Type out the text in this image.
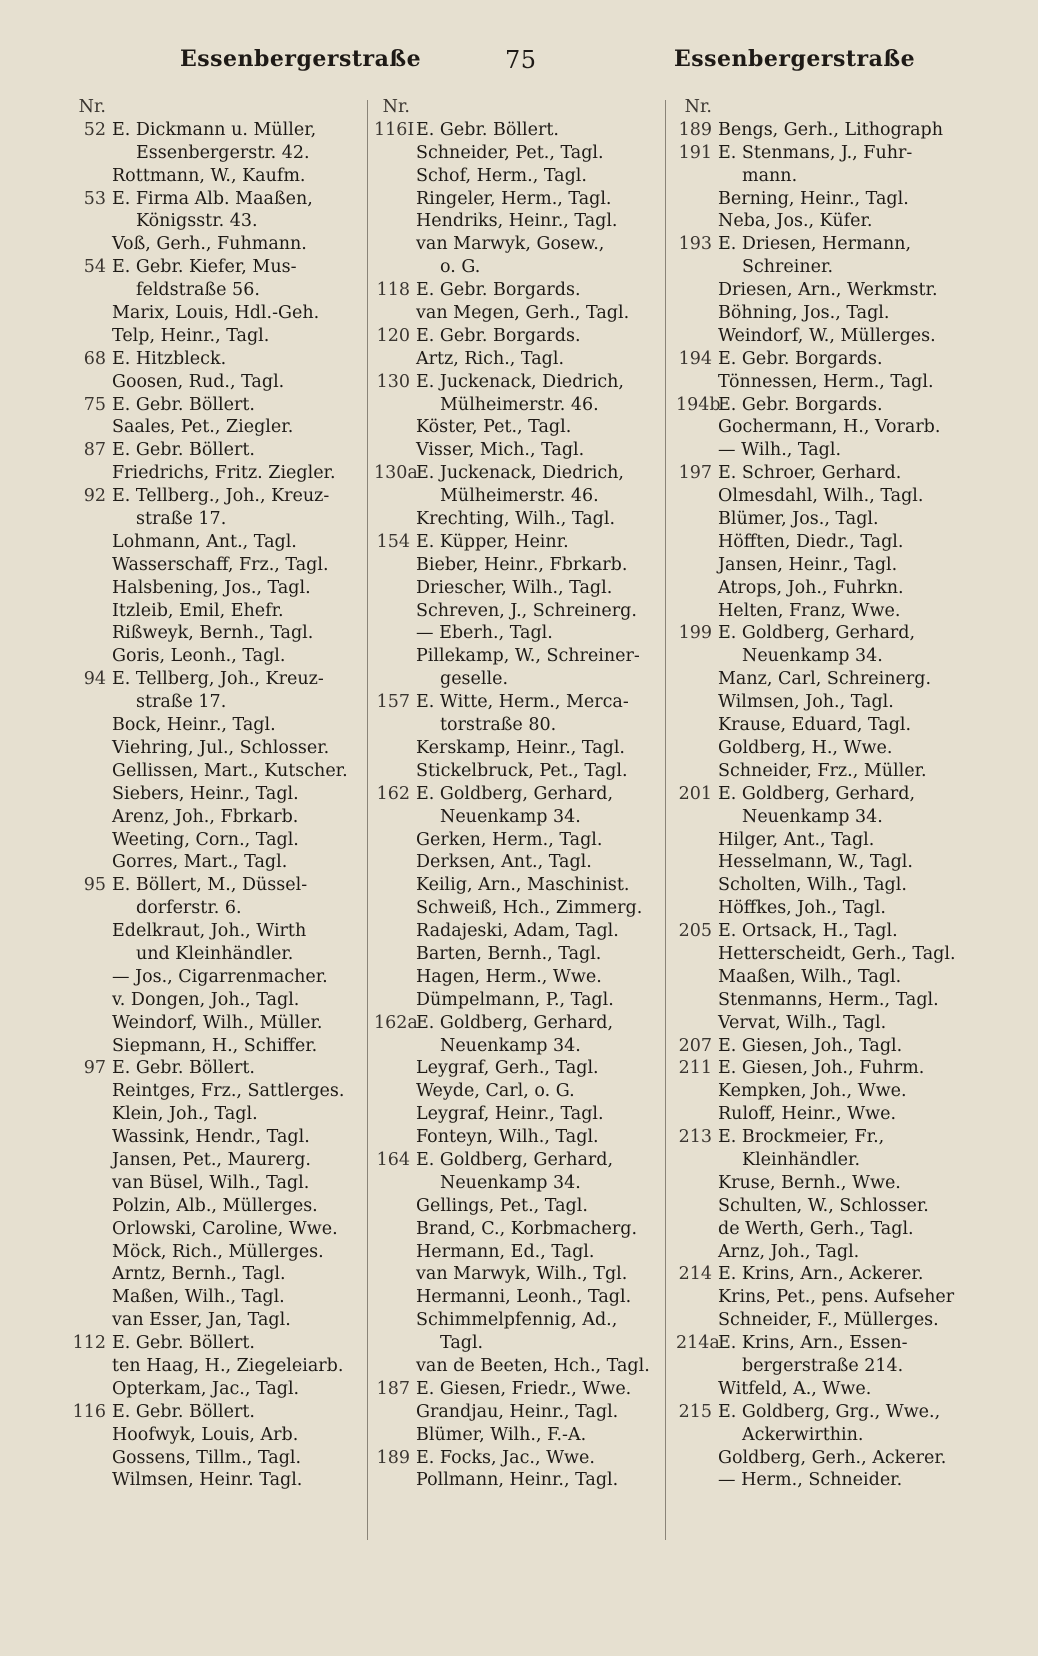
Essenbergerstraße	75	Essenbergerstraße
Nr.
52 E. Dickmann u. Müller,
Essenbergerstr. 42.
Rottmann, W., Kaufm.
53 E. Firma Alb. Maaßen,
Königsstr. 43.
Voß, Gerh., Fuhmann.
54 E. Gebr. Kiefer, Mus-
feldstraße 56.
Marix, Louis, Hdl.-Geh.
Telp, Heinr., Tagl.
68 E. Hitzbleck.
Goosen, Rud., Tagl.
75 E. Gebr. Böllert.
Saales, Pet., Ziegler.
87 E. Gebr. Böllert.
Friedrichs, Fritz. Ziegler.
92 E. Tellberg., Joh., Kreuz-
straße 17.
Lohmann, Ant., Tagl.
Wasserschaff, Frz., Tagl.
Halsbening, Jos., Tagl.
Itzleib, Emil, Ehefr.
Rißweyk, Bernh., Tagl.
Goris, Leonh., Tagl.
94 E. Tellberg, Joh., Kreuz-
straße 17.
Bock, Heinr., Tagl.
Viehring, Jul., Schlosser.
Gellissen, Mart., Kutscher.
Siebers, Heinr., Tagl.
Arenz, Joh., Fbrkarb.
Weeting, Corn., Tagl.
Gorres, Mart., Tagl.
95 E. Böllert, M., Düssel-
dorferstr. 6.
Edelkraut, Joh., Wirth
und Kleinhändler.
— Jos., Cigarrenmacher.
v. Dongen, Joh., Tagl.
Weindorf, Wilh., Müller.
Siepmann, H., Schiffer.
97 E. Gebr. Böllert.
Reintges, Frz., Sattlerges.
Klein, Joh., Tagl.
Wassink, Hendr., Tagl.
Jansen, Pet., Maurerg.
van Büsel, Wilh., Tagl.
Polzin, Alb., Müllerges.
Orlowski, Caroline, Wwe.
Möck, Rich., Müllerges.
Arntz, Bernh., Tagl.
Maßen, Wilh., Tagl.
van Esser, Jan, Tagl.
112 E. Gebr. Böllert.
ten Haag, H., Ziegeleiarb.
Opterkam, Jac., Tagl.
116 E. Gebr. Böllert.
Hoofwyk, Louis, Arb.
Gossens, Tillm., Tagl.
Wilmsen, Heinr. Tagl.
Nr.
116IE. Gebr. Böllert.
Schneider, Pet., Tagl.
Schof, Herm., Tagl.
Ringeler, Herm., Tagl.
Hendriks, Heinr., Tagl.
van Marwyk, Gosew.,
o. G.
118 E. Gebr. Borgards.
van Megen, Gerh., Tagl.
120 E. Gebr. Borgards.
Artz, Rich., Tagl.
130 E. Juckenack, Diedrich,
Mülheimerstr. 46.
Köster, Pet., Tagl.
Visser, Mich., Tagl.
130aE. Juckenack, Diedrich,
Mülheimerstr. 46.
Krechting, Wilh., Tagl.
154 E. Küpper, Heinr.
Bieber, Heinr., Fbrkarb.
Driescher, Wilh., Tagl.
Schreven, J., Schreinerg.
— Eberh., Tagl.
Pillekamp, W., Schreiner-
geselle.
157 E. Witte, Herm., Merca-
torstraße 80.
Kerskamp, Heinr., Tagl.
Stickelbruck, Pet., Tagl.
162 E. Goldberg, Gerhard,
Neuenkamp 34.
Gerken, Herm., Tagl.
Derksen, Ant., Tagl.
Keilig, Arn., Maschinist.
Schweiß, Hch., Zimmerg.
Radajeski, Adam, Tagl.
Barten, Bernh., Tagl.
Hagen, Herm., Wwe.
Dümpelmann, P., Tagl.
162aE. Goldberg, Gerhard,
Neuenkamp 34.
Leygraf, Gerh., Tagl.
Weyde, Carl, o. G.
Leygraf, Heinr., Tagl.
Fonteyn, Wilh., Tagl.
164 E. Goldberg, Gerhard,
Neuenkamp 34.
Gellings, Pet., Tagl.
Brand, C., Korbmacherg.
Hermann, Ed., Tagl.
van Marwyk, Wilh., Tgl.
Hermanni, Leonh., Tagl.
Schimmelpfennig, Ad.,
Tagl.
van de Beeten, Hch., Tagl.
187 E. Giesen, Friedr., Wwe.
Grandjau, Heinr., Tagl.
Blümer, Wilh., F.-A.
189 E. Focks, Jac., Wwe.
Pollmann, Heinr., Tagl.
Nr.
189 Bengs, Gerh., Lithograph
191 E. Stenmans, J., Fuhr-
mann.
Berning, Heinr., Tagl.
Neba, Jos., Küfer.
193 E. Driesen, Hermann,
Schreiner.
Driesen, Arn., Werkmstr.
Böhning, Jos., Tagl.
Weindorf, W., Müllerges.
194 E. Gebr. Borgards.
Tönnessen, Herm., Tagl.
194bE. Gebr. Borgards.
Gochermann, H., Vorarb.
— Wilh., Tagl.
197 E. Schroer, Gerhard.
Olmesdahl, Wilh., Tagl.
Blümer, Jos., Tagl.
Höfften, Diedr., Tagl.
Jansen, Heinr., Tagl.
Atrops, Joh., Fuhrkn.
Helten, Franz, Wwe.
199 E. Goldberg, Gerhard,
Neuenkamp 34.
Manz, Carl, Schreinerg.
Wilmsen, Joh., Tagl.
Krause, Eduard, Tagl.
Goldberg, H., Wwe.
Schneider, Frz., Müller.
201 E. Goldberg, Gerhard,
Neuenkamp 34.
Hilger, Ant., Tagl.
Hesselmann, W., Tagl.
Scholten, Wilh., Tagl.
Höffkes, Joh., Tagl.
205 E. Ortsack, H., Tagl.
Hetterscheidt, Gerh., Tagl.
Maaßen, Wilh., Tagl.
Stenmanns, Herm., Tagl.
Vervat, Wilh., Tagl.
207 E. Giesen, Joh., Tagl.
211 E. Giesen, Joh., Fuhrm.
Kempken, Joh., Wwe.
Ruloff, Heinr., Wwe.
213 E. Brockmeier, Fr.,
Kleinhändler.
Kruse, Bernh., Wwe.
Schulten, W., Schlosser.
de Werth, Gerh., Tagl.
Arnz, Joh., Tagl.
214 E. Krins, Arn., Ackerer.
Krins, Pet., pens. Aufseher
Schneider, F., Müllerges.
214aE. Krins, Arn., Essen-
bergerstraße 214.
Witfeld, A., Wwe.
215 E. Goldberg, Grg., Wwe.,
Ackerwirthin.
Goldberg, Gerh., Ackerer.
— Herm., Schneider.
